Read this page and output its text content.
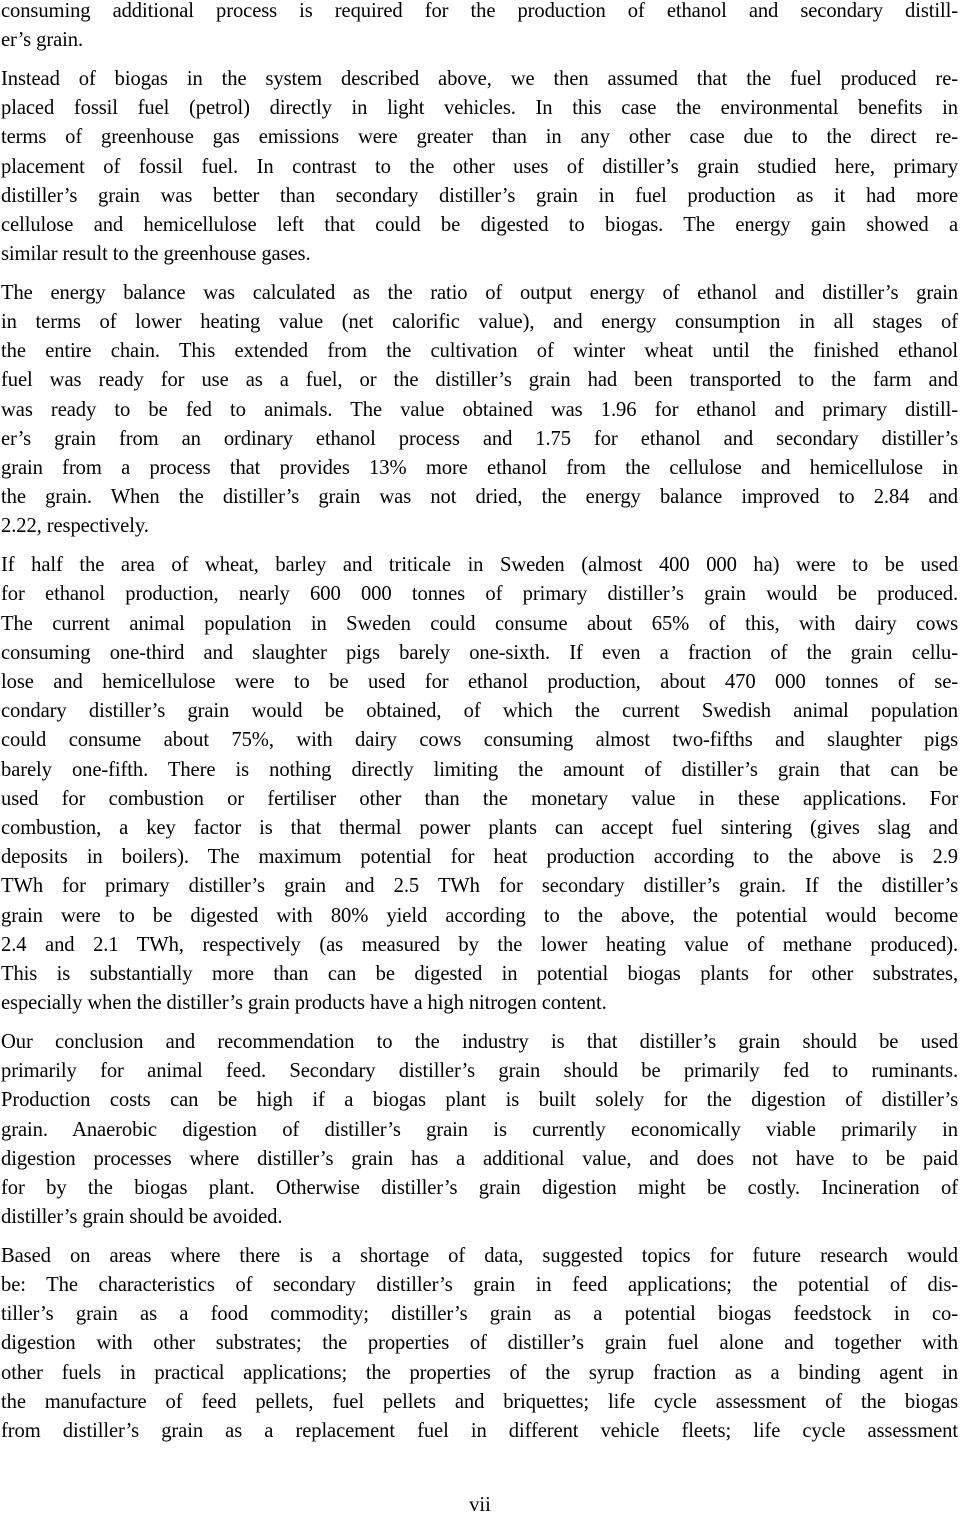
consuming additional process is required for the production of ethanol and secondary distill-
er’s grain.

Instead of biogas in the system described above, we then assumed that the fuel produced re-
placed fossil fuel (petrol) directly in light vehicles. In this case the environmental benefits in
terms of greenhouse gas emissions were greater than in any other case due to the direct re-
placement of fossil fuel. In contrast to the other uses of distiller’s grain studied here, primary
distiller’s grain was better than secondary distiller’s grain in fuel production as it had more
cellulose and hemicellulose left that could be digested to biogas. The energy gain showed a
similar result to the greenhouse gases.

The energy balance was calculated as the ratio of output energy of ethanol and distiller’s grain
in terms of lower heating value (net calorific value), and energy consumption in all stages of
the entire chain. This extended from the cultivation of winter wheat until the finished ethanol
fuel was ready for use as a fuel, or the distiller’s grain had been transported to the farm and
was ready to be fed to animals. The value obtained was 1.96 for ethanol and primary distill-
er’s grain from an ordinary ethanol process and 1.75 for ethanol and secondary distiller’s
grain from a process that provides 13% more ethanol from the cellulose and hemicellulose in
the grain. When the distiller’s grain was not dried, the energy balance improved to 2.84 and
2.22, respectively.

If half the area of wheat, barley and triticale in Sweden (almost 400 000 ha) were to be used
for ethanol production, nearly 600 000 tonnes of primary distiller’s grain would be produced.
The current animal population in Sweden could consume about 65% of this, with dairy cows
consuming one-third and slaughter pigs barely one-sixth. If even a fraction of the grain cellu-
lose and hemicellulose were to be used for ethanol production, about 470 000 tonnes of se-
condary distiller’s grain would be obtained, of which the current Swedish animal population
could consume about 75%, with dairy cows consuming almost two-fifths and slaughter pigs
barely one-fifth. There is nothing directly limiting the amount of distiller’s grain that can be
used for combustion or fertiliser other than the monetary value in these applications. For
combustion, a key factor is that thermal power plants can accept fuel sintering (gives slag and
deposits in boilers). The maximum potential for heat production according to the above is 2.9
TWh for primary distiller’s grain and 2.5 TWh for secondary distiller’s grain. If the distiller’s
grain were to be digested with 80% yield according to the above, the potential would become
2.4 and 2.1 TWh, respectively (as measured by the lower heating value of methane produced).
This is substantially more than can be digested in potential biogas plants for other substrates,
especially when the distiller’s grain products have a high nitrogen content.

Our conclusion and recommendation to the industry is that distiller’s grain should be used
primarily for animal feed. Secondary distiller’s grain should be primarily fed to ruminants.
Production costs can be high if a biogas plant is built solely for the digestion of distiller’s
grain. Anaerobic digestion of distiller’s grain is currently economically viable primarily in
digestion processes where distiller’s grain has a additional value, and does not have to be paid
for by the biogas plant. Otherwise distiller’s grain digestion might be costly. Incineration of
distiller’s grain should be avoided.

Based on areas where there is a shortage of data, suggested topics for future research would
be: The characteristics of secondary distiller’s grain in feed applications; the potential of dis-
tiller’s grain as a food commodity; distiller’s grain as a potential biogas feedstock in co-
digestion with other substrates; the properties of distiller’s grain fuel alone and together with
other fuels in practical applications; the properties of the syrup fraction as a binding agent in
the manufacture of feed pellets, fuel pellets and briquettes; life cycle assessment of the biogas
from distiller’s grain as a replacement fuel in different vehicle fleets; life cycle assessment

vii
